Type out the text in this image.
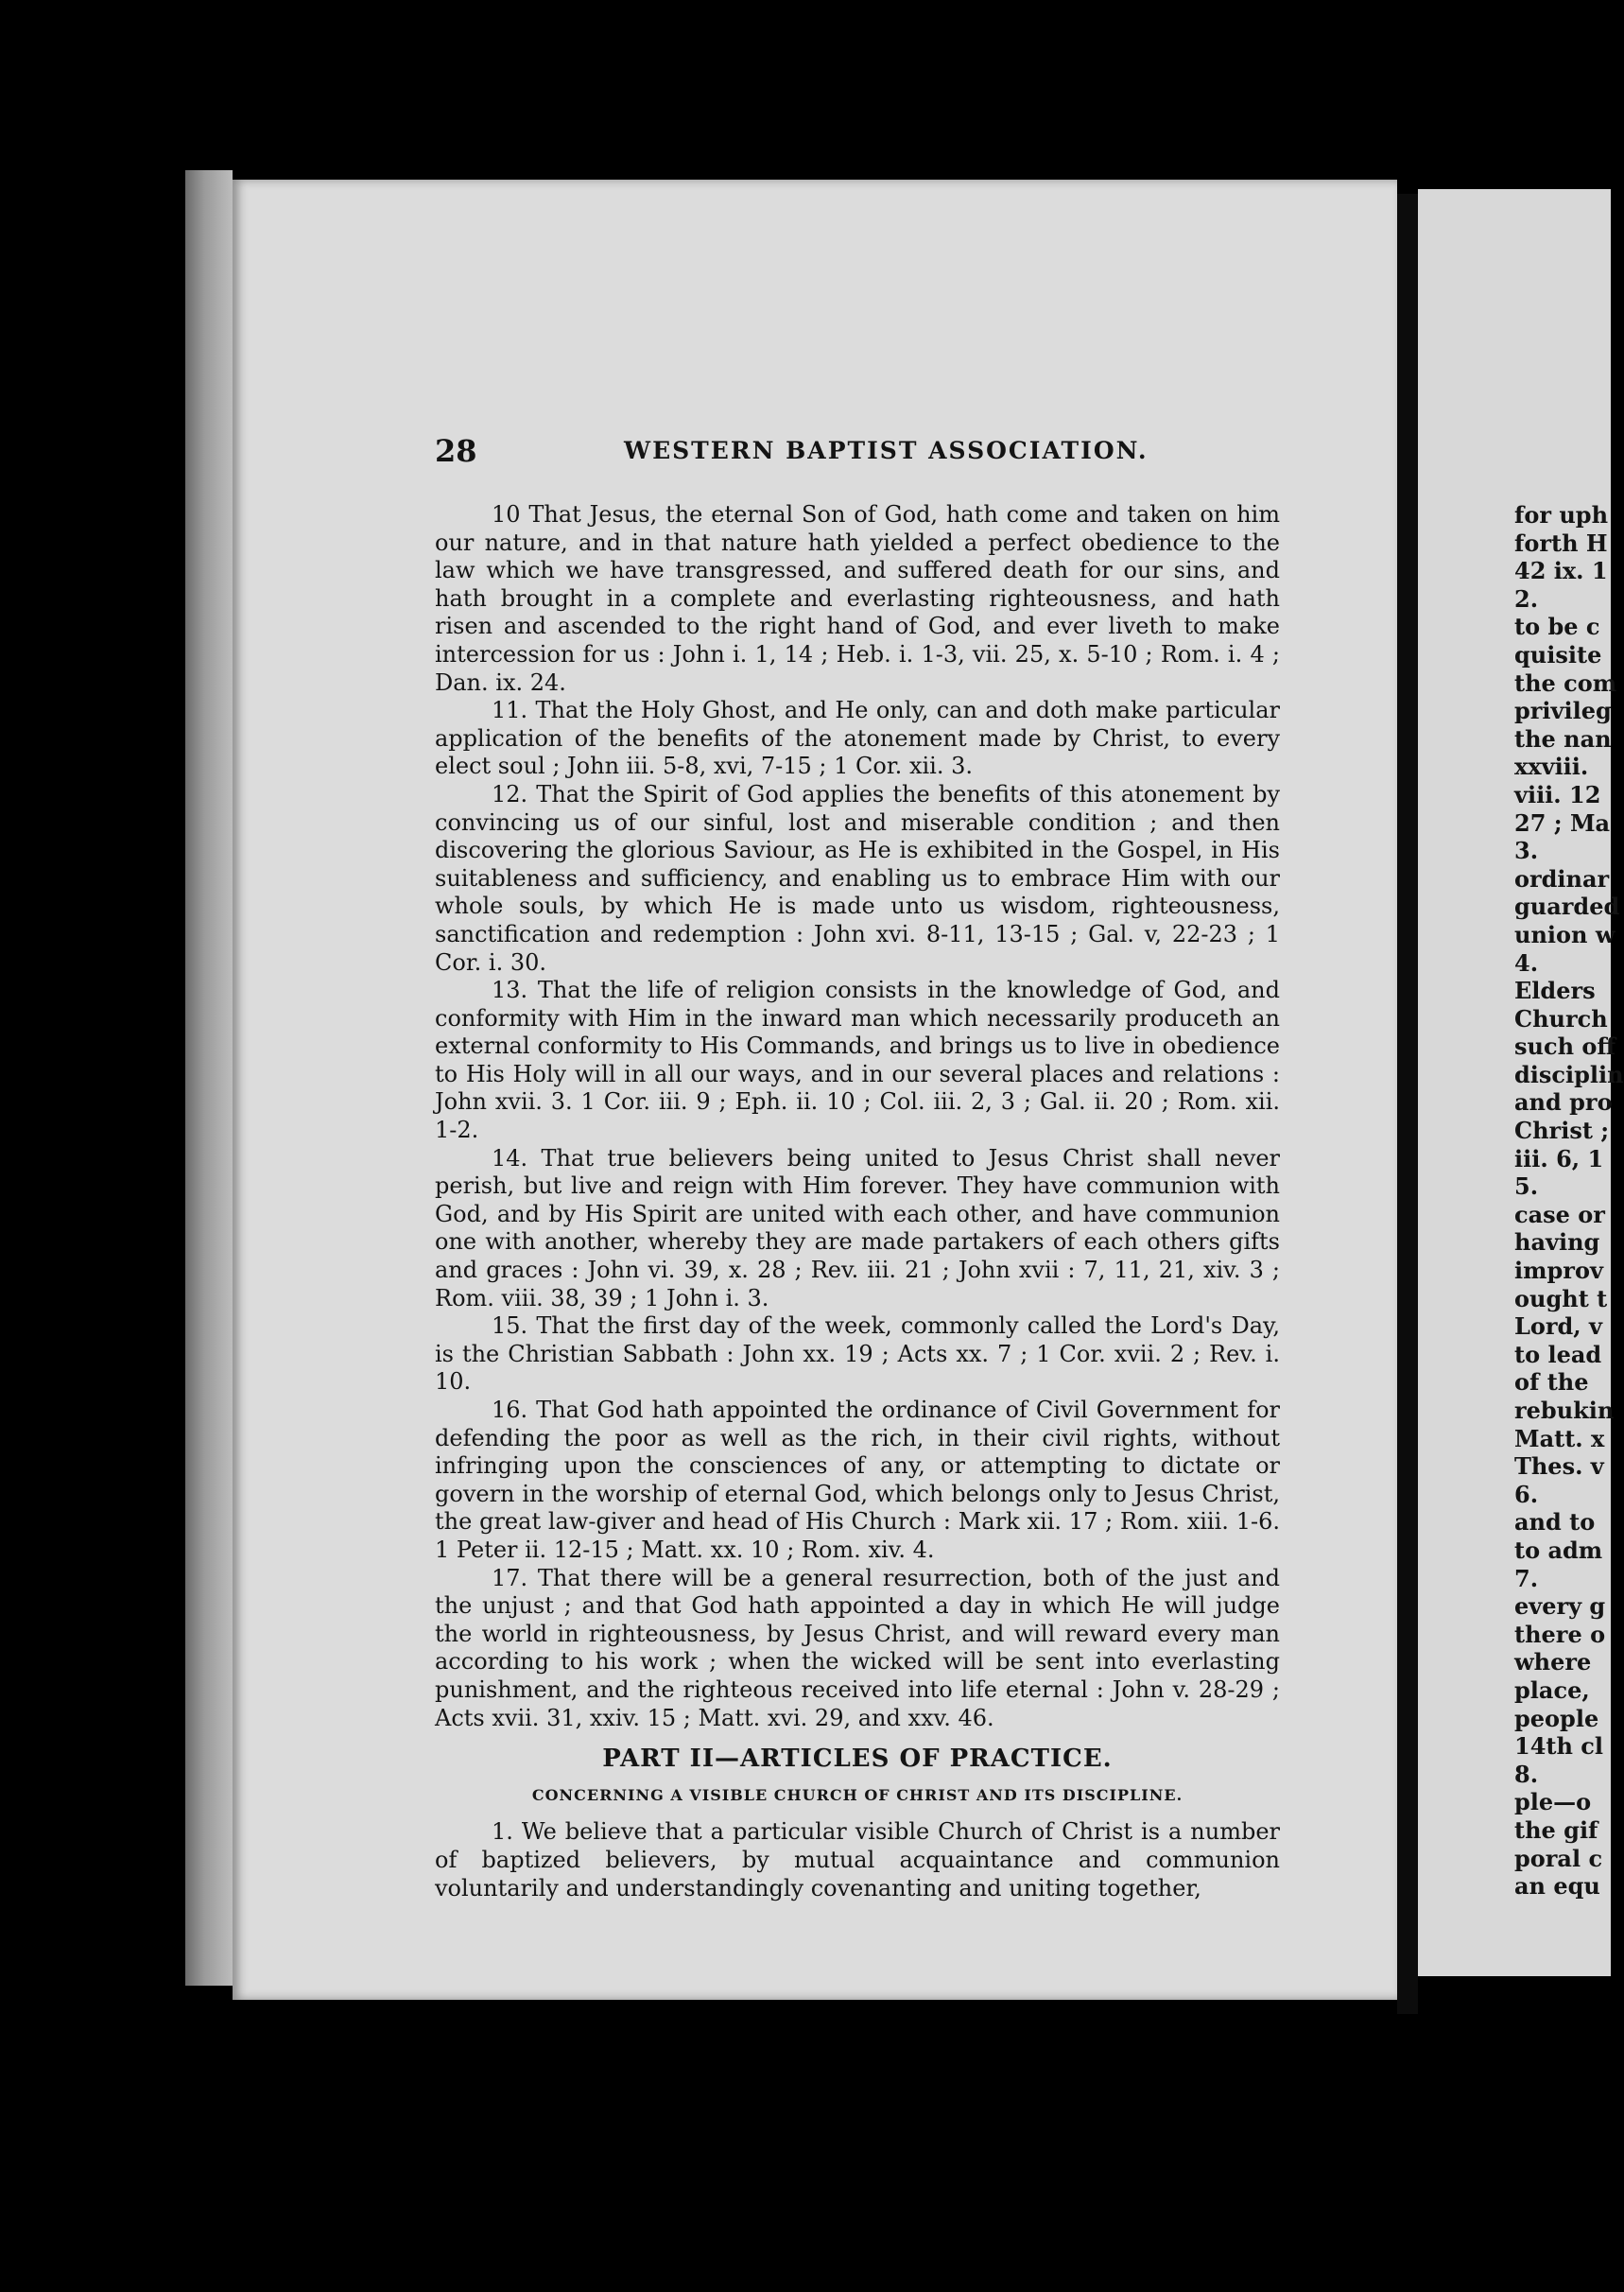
28	WESTERN BAPTIST ASSOCIATION.

10 That Jesus, the eternal Son of God, hath come and taken on him our nature, and in that nature hath yielded a perfect obedience to the law which we have transgressed, and suffered death for our sins, and hath brought in a complete and everlasting righteousness, and hath risen and ascended to the right hand of God, and ever liveth to make intercession for us : John i. 1, 14 ; Heb. i. 1-3, vii. 25, x. 5-10 ; Rom. i. 4 ; Dan. ix. 24.

11. That the Holy Ghost, and He only, can and doth make particular application of the benefits of the atonement made by Christ, to every elect soul ; John iii. 5-8, xvi, 7-15 ; 1 Cor. xii. 3.

12. That the Spirit of God applies the benefits of this atonement by convincing us of our sinful, lost and miserable condition ; and then discovering the glorious Saviour, as He is exhibited in the Gospel, in His suitableness and sufficiency, and enabling us to embrace Him with our whole souls, by which He is made unto us wisdom, righteousness, sanctification and redemption : John xvi. 8-11, 13-15 ; Gal. v, 22-23 ; 1 Cor. i. 30.

13. That the life of religion consists in the knowledge of God, and conformity with Him in the inward man which necessarily produceth an external conformity to His Commands, and brings us to live in obedience to His Holy will in all our ways, and in our several places and relations : John xvii. 3. 1 Cor. iii. 9 ; Eph. ii. 10 ; Col. iii. 2, 3 ; Gal. ii. 20 ; Rom. xii. 1-2.

14. That true believers being united to Jesus Christ shall never perish, but live and reign with Him forever. They have communion with God, and by His Spirit are united with each other, and have communion one with another, whereby they are made partakers of each others gifts and graces : John vi. 39, x. 28 ; Rev. iii. 21 ; John xvii : 7, 11, 21, xiv. 3 ; Rom. viii. 38, 39 ; 1 John i. 3.

15. That the first day of the week, commonly called the Lord's Day, is the Christian Sabbath : John xx. 19 ; Acts xx. 7 ; 1 Cor. xvii. 2 ; Rev. i. 10.

16. That God hath appointed the ordinance of Civil Government for defending the poor as well as the rich, in their civil rights, without infringing upon the consciences of any, or attempting to dictate or govern in the worship of eternal God, which belongs only to Jesus Christ, the great law-giver and head of His Church : Mark xii. 17 ; Rom. xiii. 1-6. 1 Peter ii. 12-15 ; Matt. xx. 10 ; Rom. xiv. 4.

17. That there will be a general resurrection, both of the just and the unjust ; and that God hath appointed a day in which He will judge the world in righteousness, by Jesus Christ, and will reward every man according to his work ; when the wicked will be sent into everlasting punishment, and the righteous received into life eternal : John v. 28-29 ; Acts xvii. 31, xxiv. 15 ; Matt. xvi. 29, and xxv. 46.

PART II—ARTICLES OF PRACTICE.
CONCERNING A VISIBLE CHURCH OF CHRIST AND ITS DISCIPLINE.

1. We believe that a particular visible Church of Christ is a number of baptized believers, by mutual acquaintance and communion voluntarily and understandingly covenanting and uniting together,

for uph
forth H
42 ix. 1
2.
to be c
quisite
the com
privileg
the nan
xxviii.
viii. 12
27 ; Ma
3.
ordinar
guarded
union w
4.
Elders
Church
such off
disciplin
and pro
Christ ;
iii. 6, 1
5.
case or
having
improv
ought t
Lord, v
to lead
of the
rebukin
Matt. x
Thes. v
6.
and to
to adm
7.
every g
there o
where
place,
people
14th cl
8.
ple—o
the gif
poral c
an equ
